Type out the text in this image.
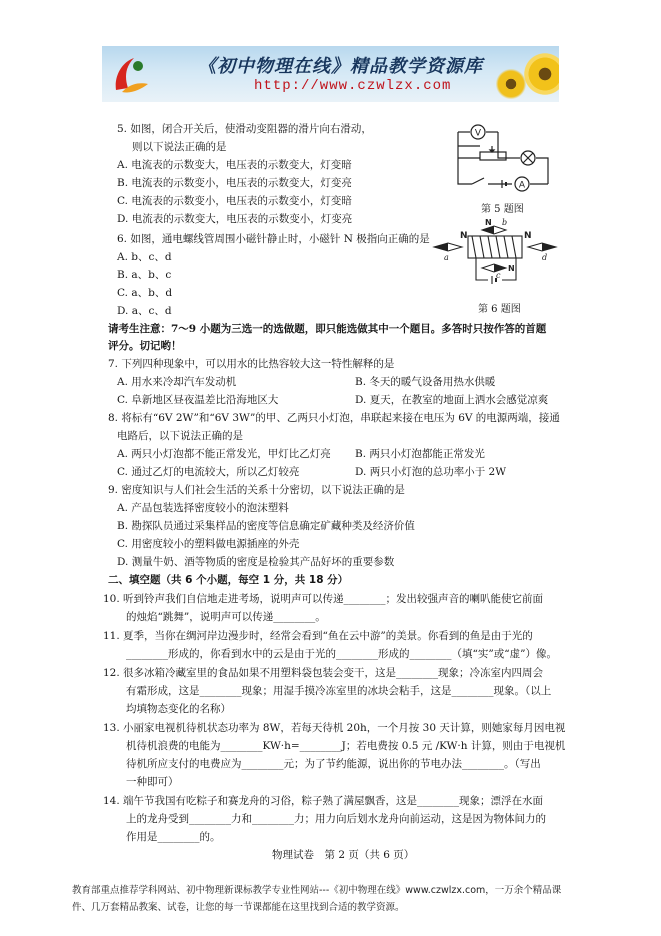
《初中物理在线》精品教学资源库
http://www.czwlzx.com
5. 如图，闭合开关后，使滑动变阻器的滑片向右滑动，
则以下说法正确的是
A. 电流表的示数变大，电压表的示数变大，灯变暗
B. 电流表的示数变小，电压表的示数变大，灯变亮
C. 电流表的示数变小，电压表的示数变小，灯变暗
D. 电流表的示数变大，电压表的示数变小，灯变亮
6. 如图，通电螺线管周围小磁针静止时，小磁针 N 极指向正确的是
A. b、c、d
B. a、b、c
C. a、b、d
D. a、c、d
请考生注意：7～9 小题为三选一的选做题，即只能选做其中一个题目。多答时只按作答的首题
评分。切记哟！
7. 下列四种现象中，可以用水的比热容较大这一特性解释的是
A. 用水来冷却汽车发动机	B. 冬天的暖气设备用热水供暖
C. 阜新地区昼夜温差比沿海地区大	D. 夏天，在教室的地面上洒水会感觉凉爽
8. 将标有“6V 2W”和“6V 3W”的甲、乙两只小灯泡，串联起来接在电压为 6V 的电源两端，接通
电路后，以下说法正确的是
A. 两只小灯泡都不能正常发光，甲灯比乙灯亮 B. 两只小灯泡都能正常发光
C. 通过乙灯的电流较大，所以乙灯较亮	D. 两只小灯泡的总功率小于 2W
9. 密度知识与人们社会生活的关系十分密切，以下说法正确的是
A. 产品包装选择密度较小的泡沫塑料
B. 勘探队员通过采集样品的密度等信息确定矿藏种类及经济价值
C. 用密度较小的塑料做电源插座的外壳
D. 测量牛奶、酒等物质的密度是检验其产品好坏的重要参数
二、填空题（共 6 个小题，每空 1 分，共 18 分）
10. 听到铃声我们自信地走进考场，说明声可以传递________；发出较强声音的喇叭能使它前面
的烛焰“跳舞”，说明声可以传递________。
11. 夏季，当你在绸河岸边漫步时，经常会看到“鱼在云中游”的美景。你看到的鱼是由于光的
________形成的，你看到水中的云是由于光的________形成的________（填“实”或“虚”）像。
12. 很多冰箱冷藏室里的食品如果不用塑料袋包装会变干，这是________现象；冷冻室内四周会
有霜形成，这是________现象；用湿手摸冷冻室里的冰块会粘手，这是________现象。（以上
均填物态变化的名称）
13. 小丽家电视机待机状态功率为 8W，若每天待机 20h，一个月按 30 天计算，则她家每月因电视
机待机浪费的电能为________KW·h=________J；若电费按 0.5 元 /KW·h 计算，则由于电视机
待机所应支付的电费应为________元；为了节约能源，说出你的节电办法________。（写出
一种即可）
14. 端午节我国有吃粽子和赛龙舟的习俗，粽子熟了满屋飘香，这是________现象；漂浮在水面
上的龙舟受到________力和________力；用力向后划水龙舟向前运动，这是因为物体间力的
作用是________的。
V
A
第 5 题图
N	N
N
N
a
b
c
d
第 6 题图
物理试卷　第 2 页（共 6 页）
教育部重点推荐学科网站、初中物理新课标教学专业性网站---《初中物理在线》www.czwlzx.com，一万余个精品课
件、几万套精品教案、试卷，让您的每一节课都能在这里找到合适的教学资源。
